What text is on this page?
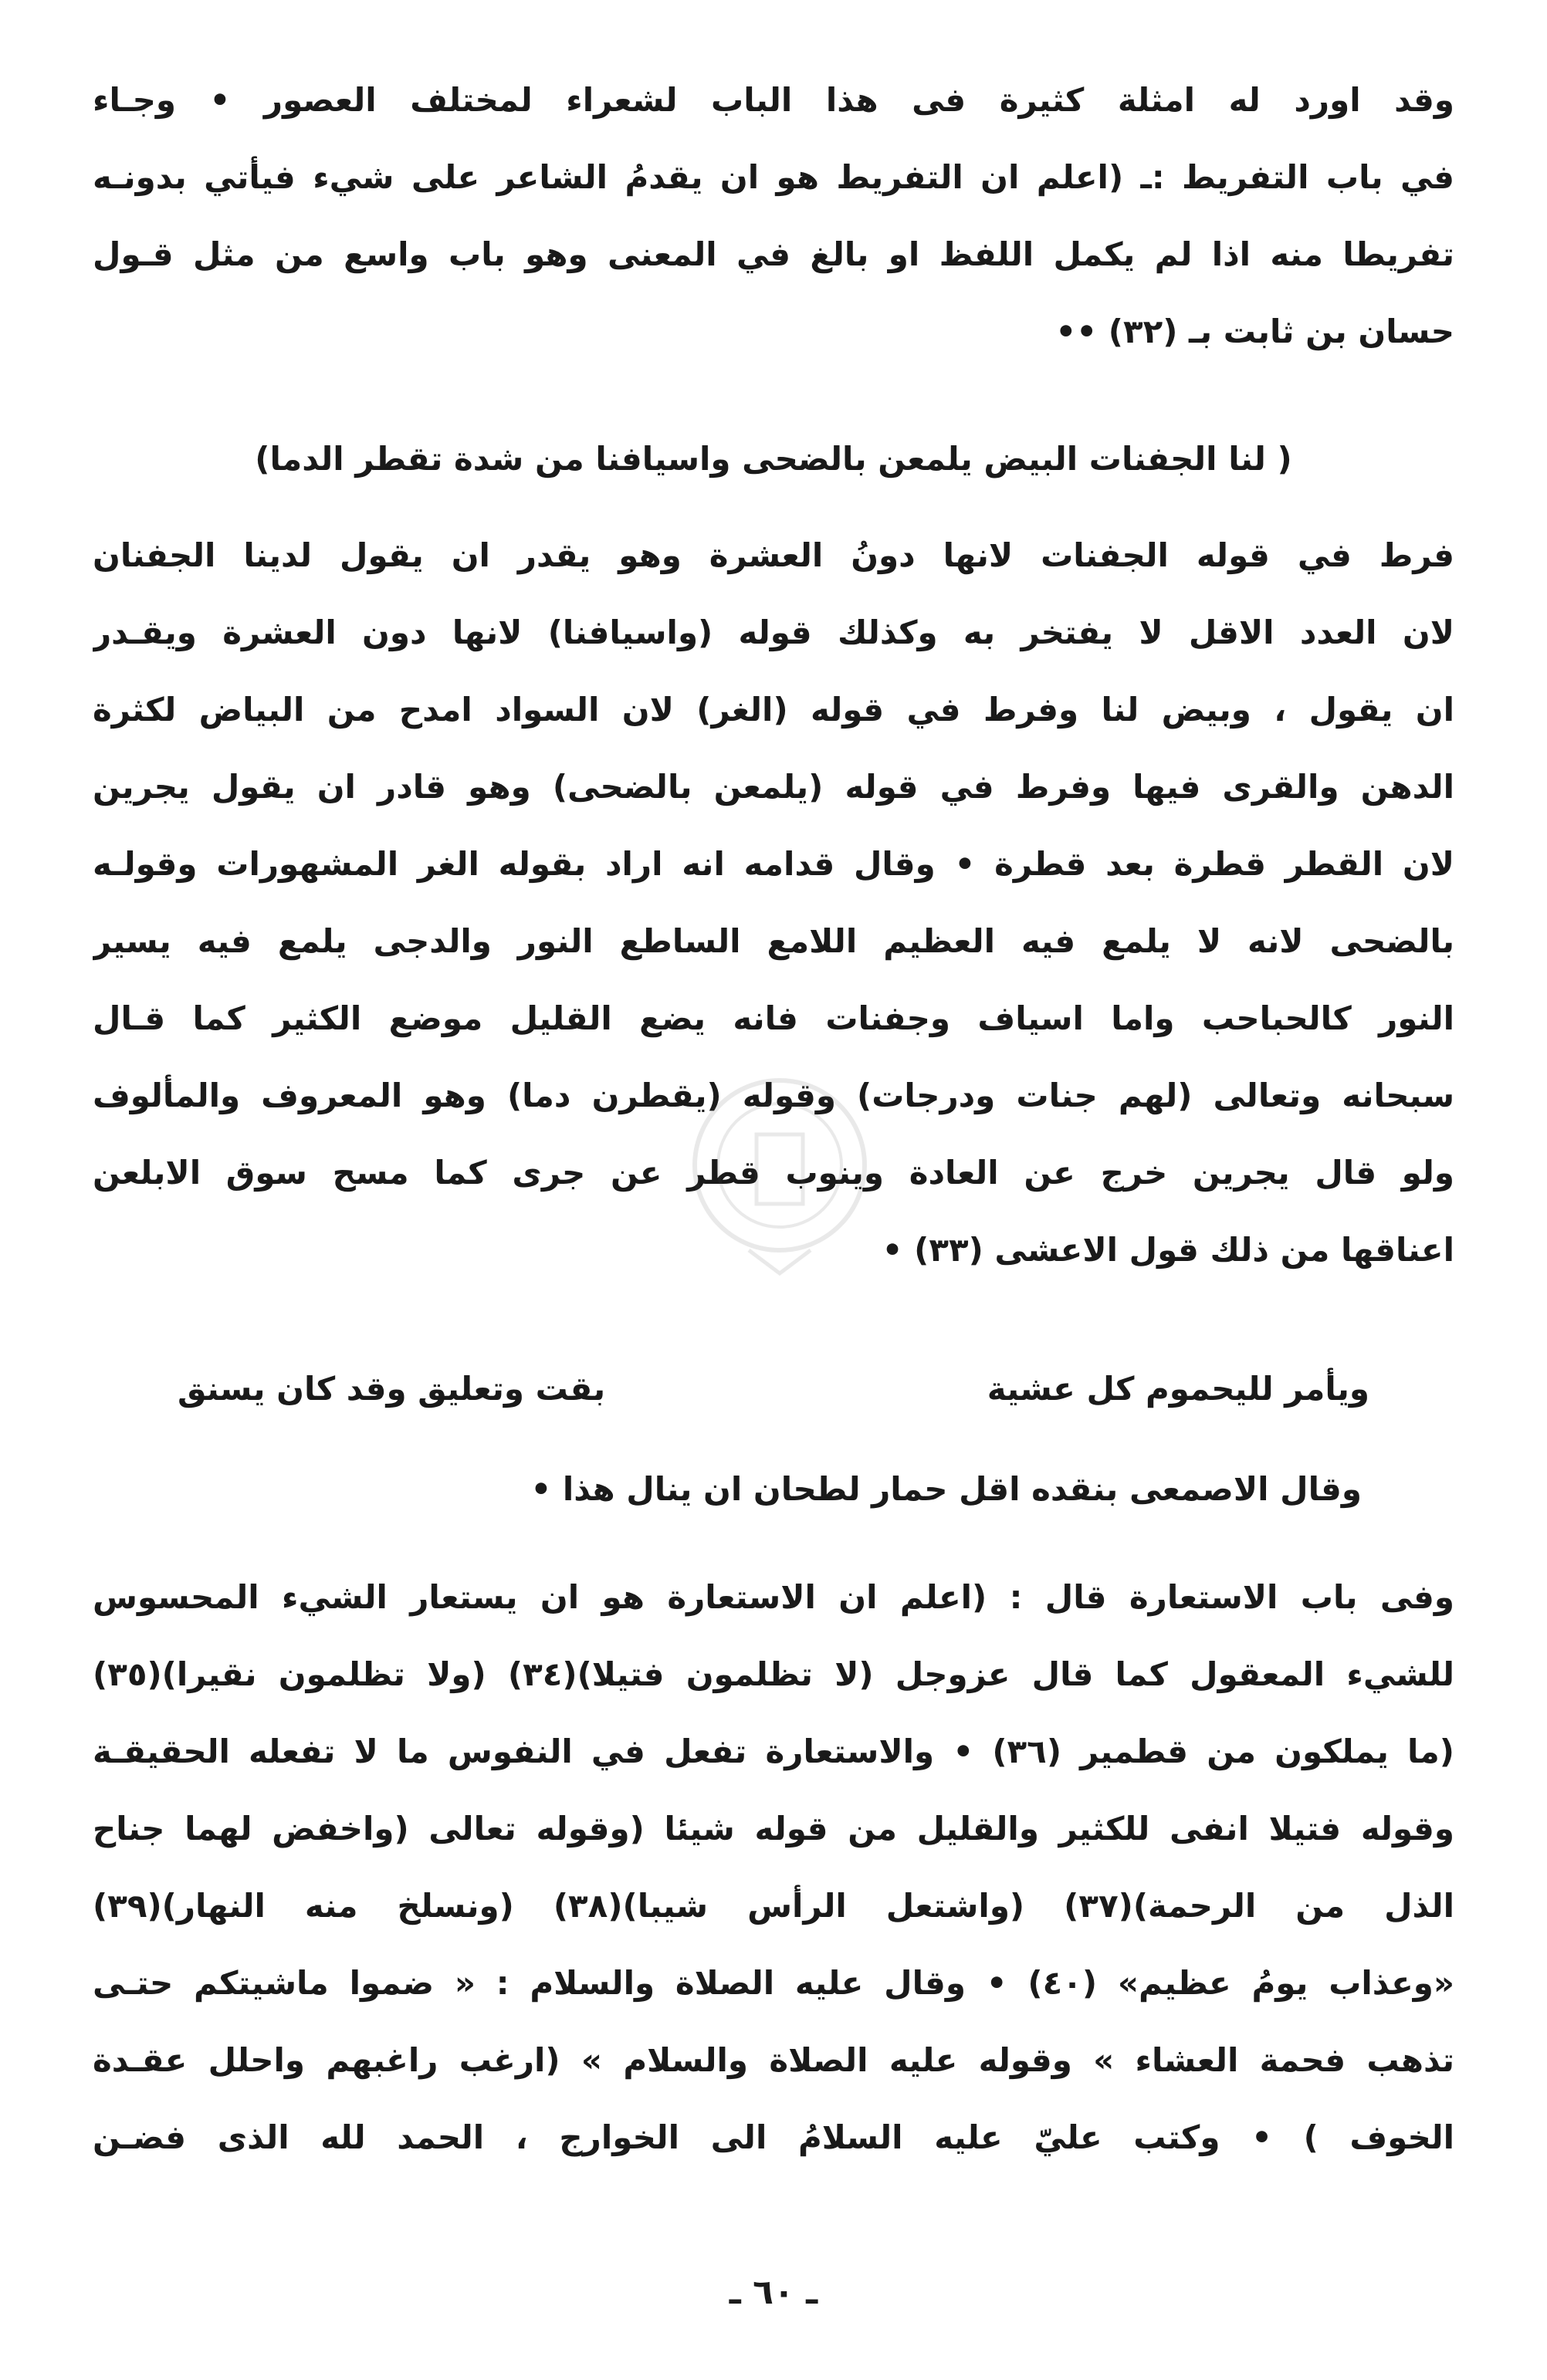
وقد اورد له امثلة كثيرة فى هذا الباب لشعراء لمختلف العصور • وجـاء
في باب التفريط :ـ (اعلم ان التفريط هو ان يقدمُ الشاعر على شيء فيأتي بدونـه
تفريطا منه اذا لم يكمل اللفظ او بالغ في المعنى وهو باب واسع من مثل قـول
حسان بن ثابت بـ (٣٢) ••
( لنا الجفنات البيض يلمعن بالضحى واسيافنا من شدة تقطر الدما)
فرط في قوله الجفنات لانها دونُ العشرة وهو يقدر ان يقول لدينا الجفنان
لان العدد الاقل لا يفتخر به وكذلك قوله (واسيافنا) لانها دون العشرة ويقـدر
ان يقول ، وبيض لنا وفرط في قوله (الغر) لان السواد امدح من البياض لكثرة
الدهن والقرى فيها وفرط في قوله (يلمعن بالضحى) وهو قادر ان يقول يجرين
لان القطر قطرة بعد قطرة • وقال قدامه انه اراد بقوله الغر المشهورات وقولـه
بالضحى لانه لا يلمع فيه العظيم اللامع الساطع النور والدجى يلمع فيه يسير
النور كالحباحب واما اسياف وجفنات فانه يضع القليل موضع الكثير كما قـال
سبحانه وتعالى (لهم جنات ودرجات) وقوله (يقطرن دما) وهو المعروف والمألوف
ولو قال يجرين خرج عن العادة وينوب قطر عن جرى كما مسح سوق الابلعن
اعناقها من ذلك قول الاعشى (٣٣) •
ويأمر لليحموم كل عشية
بقت وتعليق وقد كان يسنق
وقال الاصمعى بنقده اقل حمار لطحان ان ينال هذا •
وفى باب الاستعارة قال : (اعلم ان الاستعارة هو ان يستعار الشيء المحسوس
للشيء المعقول كما قال عزوجل (لا تظلمون فتيلا)(٣٤) (ولا تظلمون نقيرا)(٣٥)
(ما يملكون من قطمير (٣٦) • والاستعارة تفعل في النفوس ما لا تفعله الحقيقـة
وقوله فتيلا انفى للكثير والقليل من قوله شيئا (وقوله تعالى (واخفض لهما جناح
الذل من الرحمة)(٣٧) (واشتعل الرأس شيبا)(٣٨) (ونسلخ منه النهار)(٣٩)
«وعذاب يومُ عظيم» (٤٠) • وقال عليه الصلاة والسلام : « ضموا ماشيتكم حتـى
تذهب فحمة العشاء » وقوله عليه الصلاة والسلام » (ارغب راغبهم واحلل عقـدة
الخوف ) • وكتب عليّ عليه السلامُ الى الخوارج ، الحمد لله الذى فضـن
ـ ٦٠ ـ
